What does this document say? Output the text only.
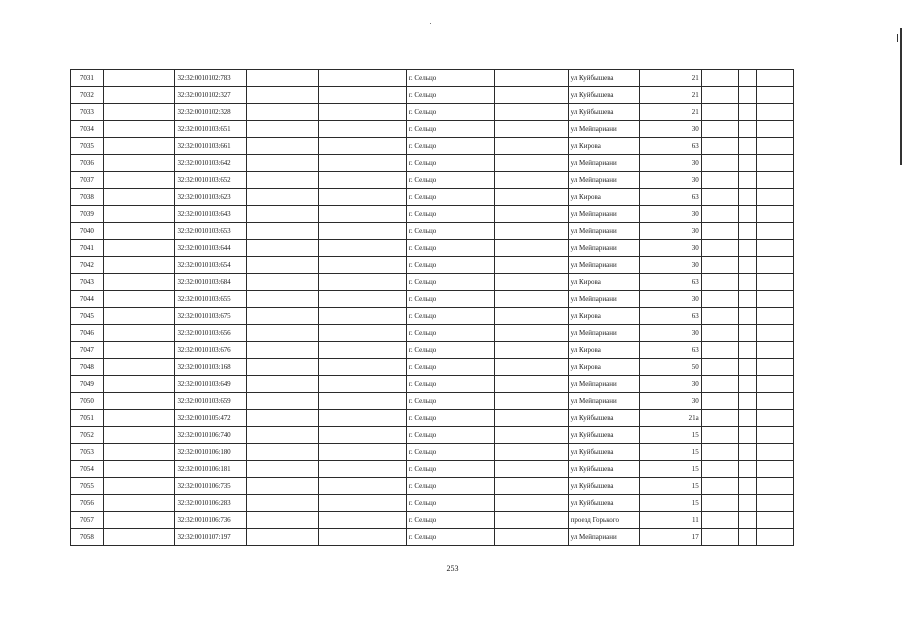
7031		32:32:0010102:783			г. Сельцо		ул Куйбышева	21			
7032		32:32:0010102:327			г. Сельцо		ул Куйбышева	21			
7033		32:32:0010102:328			г. Сельцо		ул Куйбышева	21			
7034		32:32:0010103:651			г. Сельцо		ул Мейпариани	30			
7035		32:32:0010103:661			г. Сельцо		ул Кирова	63			
7036		32:32:0010103:642			г. Сельцо		ул Мейпариани	30			
7037		32:32:0010103:652			г. Сельцо		ул Мейпариани	30			
7038		32:32:0010103:623			г. Сельцо		ул Кирова	63			
7039		32:32:0010103:643			г. Сельцо		ул Мейпариани	30			
7040		32:32:0010103:653			г. Сельцо		ул Мейпариани	30			
7041		32:32:0010103:644			г. Сельцо		ул Мейпариани	30			
7042		32:32:0010103:654			г. Сельцо		ул Мейпариани	30			
7043		32:32:0010103:684			г. Сельцо		ул Кирова	63			
7044		32:32:0010103:655			г. Сельцо		ул Мейпариани	30			
7045		32:32:0010103:675			г. Сельцо		ул Кирова	63			
7046		32:32:0010103:656			г. Сельцо		ул Мейпариани	30			
7047		32:32:0010103:676			г. Сельцо		ул Кирова	63			
7048		32:32:0010103:168			г. Сельцо		ул Кирова	50			
7049		32:32:0010103:649			г. Сельцо		ул Мейпариани	30			
7050		32:32:0010103:659			г. Сельцо		ул Мейпариани	30			
7051		32:32:0010105:472			г. Сельцо		ул Куйбышева	21а			
7052		32:32:0010106:740			г. Сельцо		ул Куйбышева	15			
7053		32:32:0010106:180			г. Сельцо		ул Куйбышева	15			
7054		32:32:0010106:181			г. Сельцо		ул Куйбышева	15			
7055		32:32:0010106:735			г. Сельцо		ул Куйбышева	15			
7056		32:32:0010106:283			г. Сельцо		ул Куйбышева	15			
7057		32:32:0010106:736			г. Сельцо		проезд Горького	11			
7058		32:32:0010107:197			г. Сельцо		ул Мейпариани	17			
253
